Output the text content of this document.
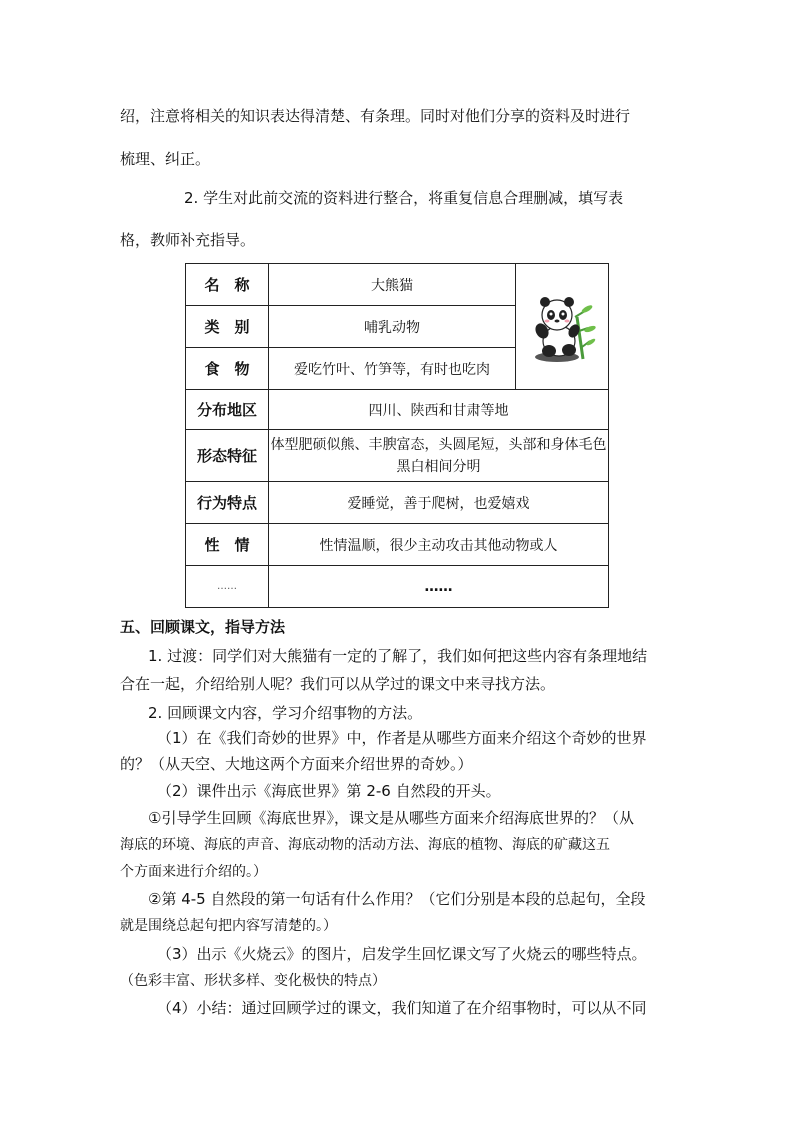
绍，注意将相关的知识表达得清楚、有条理。同时对他们分享的资料及时进行
梳理、纠正。
2. 学生对此前交流的资料进行整合，将重复信息合理删减，填写表
格，教师补充指导。
名　称	大熊猫	
类　别	哺乳动物	
食　物	爱吃竹叶、竹笋等，有时也吃肉	
分布地区	四川、陕西和甘肃等地	
形态特征	体型肥硕似熊、丰腴富态，头圆尾短，头部和身体毛色黑白相间分明	
行为特点	爱睡觉，善于爬树，也爱嬉戏	
性　情	性情温顺，很少主动攻击其他动物或人	
……	……	
五、回顾课文，指导方法
1. 过渡：同学们对大熊猫有一定的了解了，我们如何把这些内容有条理地结
合在一起，介绍给别人呢？我们可以从学过的课文中来寻找方法。
2. 回顾课文内容，学习介绍事物的方法。
（1）在《我们奇妙的世界》中，作者是从哪些方面来介绍这个奇妙的世界
的？（从天空、大地这两个方面来介绍世界的奇妙。）
（2）课件出示《海底世界》第 2-6 自然段的开头。
①引导学生回顾《海底世界》，课文是从哪些方面来介绍海底世界的？（从
海底的环境、海底的声音、海底动物的活动方法、海底的植物、海底的矿藏这五
个方面来进行介绍的。）
②第 4-5 自然段的第一句话有什么作用？（它们分别是本段的总起句，全段
就是围绕总起句把内容写清楚的。）
（3）出示《火烧云》的图片，启发学生回忆课文写了火烧云的哪些特点。
（色彩丰富、形状多样、变化极快的特点）
（4）小结：通过回顾学过的课文，我们知道了在介绍事物时，可以从不同
